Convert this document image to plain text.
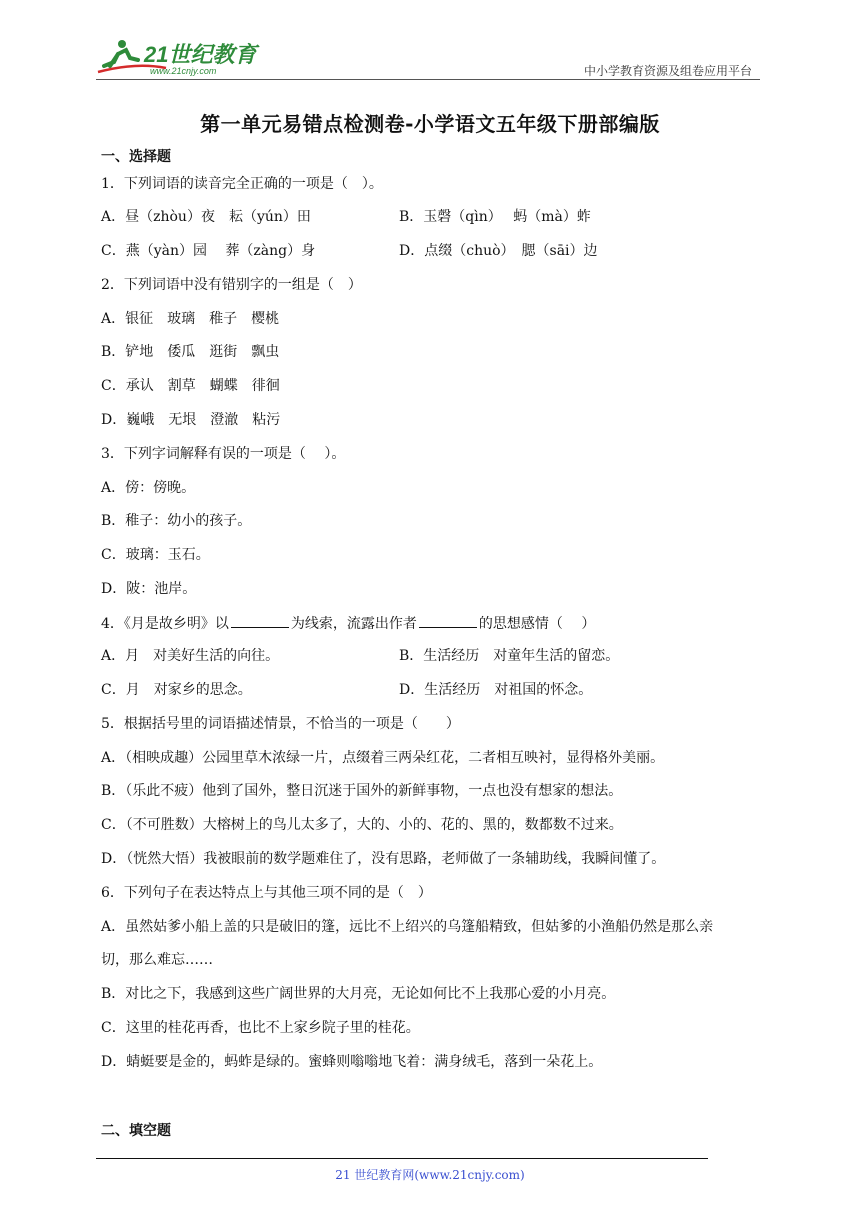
21世纪教育
www.21cnjy.com	中小学教育资源及组卷应用平台
第一单元易错点检测卷-小学语文五年级下册部编版
一、选择题
1．下列词语的读音完全正确的一项是（　）。
A．昼（zhòu）夜　耘（yún）田	B．玉磬（qìn）　 蚂（mà）蚱
C．燕（yàn）园　 葬（zàng）身	D．点缀（chuò）　腮（sāi）边
2．下列词语中没有错别字的一组是（　）
A．银征　玻璃　稚子　樱桃
B．铲地　倭瓜　逛街　飘虫
C．承认　割草　蝴蝶　徘徊
D．巍峨　无垠　澄澈　粘污
3．下列字词解释有误的一项是（　 ）。
A．傍：傍晚。
B．稚子：幼小的孩子。
C．玻璃：玉石。
D．陂：池岸。
4．《月是故乡明》以	为线索，流露出作者	的思想感情（　 ）
A．月　对美好生活的向往。	B．生活经历　对童年生活的留恋。
C．月　对家乡的思念。	D．生活经历　对祖国的怀念。
5．根据括号里的词语描述情景，不恰当的一项是（　　）
A．（相映成趣）公园里草木浓绿一片，点缀着三两朵红花，二者相互映衬，显得格外美丽。
B．（乐此不疲）他到了国外，整日沉迷于国外的新鲜事物，一点也没有想家的想法。
C．（不可胜数）大榕树上的鸟儿太多了，大的、小的、花的、黑的，数都数不过来。
D．（恍然大悟）我被眼前的数学题难住了，没有思路，老师做了一条辅助线，我瞬间懂了。
6．下列句子在表达特点上与其他三项不同的是（　）
A．虽然姑爹小船上盖的只是破旧的篷，远比不上绍兴的乌篷船精致，但姑爹的小渔船仍然是那么亲
切，那么难忘……
B．对比之下，我感到这些广阔世界的大月亮，无论如何比不上我那心爱的小月亮。
C．这里的桂花再香，也比不上家乡院子里的桂花。
D．蜻蜓要是金的，蚂蚱是绿的。蜜蜂则嗡嗡地飞着：满身绒毛，落到一朵花上。
二、填空题
21 世纪教育网(www.21cnjy.com)
